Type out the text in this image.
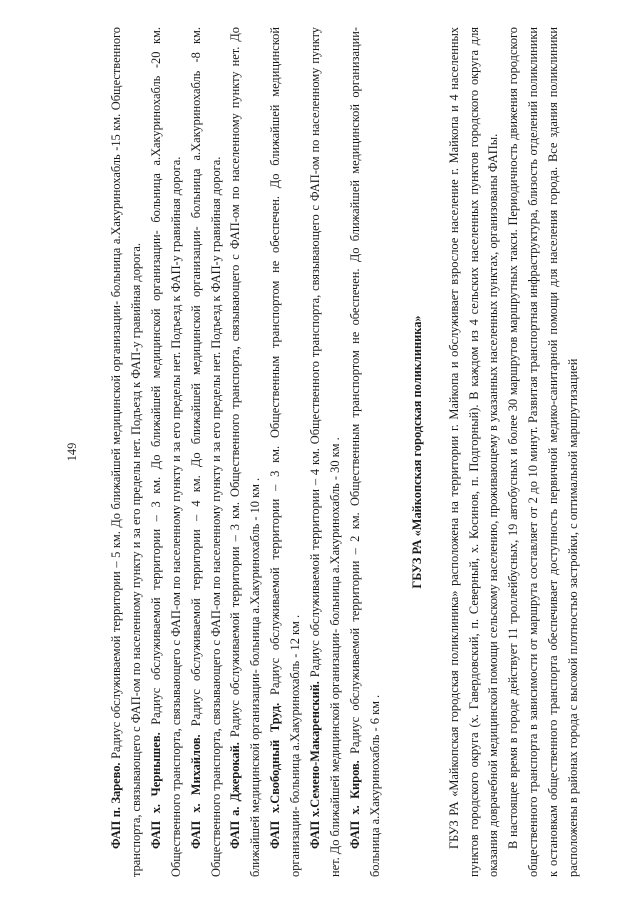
149

ФАП п. Зарево. Радиус обслуживаемой территории – 5 км. До ближайшей медицинской организации- больница а.Хакуринохабль -15 км. Общественного транспорта, связывающего с ФАП-ом по населенному пункту и за его пределы нет. Подъезд к ФАП-у гравийная дорога. ФАП х. Чернышев. Радиус обслуживаемой территории – 3 км. До ближайшей медицинской организации- больница а.Хакуринохабль -20 км. Общественного транспорта, связывающего с ФАП-ом по населенному пункту и за его пределы нет. Подъезд к ФАП-у гравийная дорога. ФАП х. Михайлов. Радиус обслуживаемой территории – 4 км. До ближайшей медицинской организации- больница а.Хакуринохабль -8 км. Общественного транспорта, связывающего с ФАП-ом по населенному пункту и за его пределы нет. Подъезд к ФАП-у гравийная дорога. ФАП а. Джерокай. Радиус обслуживаемой территории – 3 км. Общественного транспорта, связывающего с ФАП-ом по населенному пункту нет. До ближайшей медицинской организации- больница а.Хакуринохабль - 10 км . ФАП х.Свободный Труд. Радиус обслуживаемой территории – 3 км. Общественным транспортом не обеспечен. До ближайшей медицинской организации- больница а.Хакуринохабль - 12 км . ФАП х.Семено-Макаренский. Радиус обслуживаемой территории – 4 км. Общественного транспорта, связывающего с ФАП-ом по населенному пункту нет. До ближайшей медицинской организации- больница а.Хакуринохабль - 30 км . ФАП х. Киров. Радиус обслуживаемой территории – 2 км. Общественным транспортом не обеспечен. До ближайшей медицинской организации- больница а.Хакуринохабль - 6 км .

ГБУЗ РА «Майкопская городская поликлиника»	ГБУЗ РА «Майкопская городская поликлиника» расположена на территории г. Майкопа и обслуживает взрослое население г. Майкопа и 4 населенных пунктов городского округа (х. Гавердовский, п. Северный, х. Косинов, п. Подгорный). В каждом из 4 сельских населенных пунктов городского округа для оказания доврачебной медицинской помощи сельскому населению, проживающему в указанных населенных пунктах, организованы ФАПы. В настоящее время в городе действует 11 троллейбусных, 19 автобусных и более 30 маршрутов маршрутных такси. Периодичность движения городского общественного транспорта в зависимости от маршрута составляет от 2 до 10 минут. Развитая транспортная инфраструктура, близость отделений поликлиники к остановкам общественного транспорта обеспечивает доступность первичной медико-санитарной помощи для населения города. Все здания поликлиники расположены в районах города с высокой плотностью застройки, с оптимальной маршрутизацией
